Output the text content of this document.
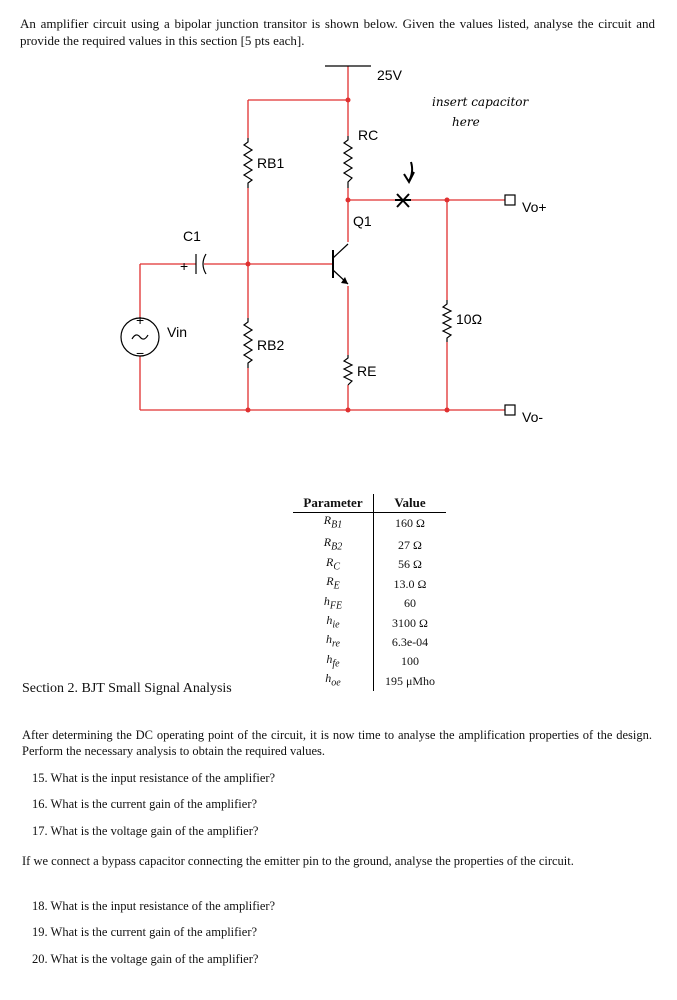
An amplifier circuit using a bipolar junction transitor is shown below. Given the values listed, analyse the circuit and provide the required values in this section [5 pts each].
25V
RC
RB1
Q1
C1
+
Vin
+
−	RB2
RE
10Ω
Vo+
Vo-
insert capacitor
here
Parameter	Value
$R_{B1}$	160 Ω
$R_{B2}$	27 Ω
$R_C$	56 Ω
$R_E$	13.0 Ω
$h_{FE}$	60
$h_{ie}$	3100 Ω
$h_{re}$	6.3e-04
$h_{fe}$	100
$h_{oe}$	195 μMho
Section 2. BJT Small Signal Analysis
After determining the DC operating point of the circuit, it is now time to analyse the amplification properties of the design. Perform the necessary analysis to obtain the required values.
15. What is the input resistance of the amplifier?
16. What is the current gain of the amplifier?
17. What is the voltage gain of the amplifier?
If we connect a bypass capacitor connecting the emitter pin to the ground, analyse the properties of the circuit.
18. What is the input resistance of the amplifier?
19. What is the current gain of the amplifier?
20. What is the voltage gain of the amplifier?
